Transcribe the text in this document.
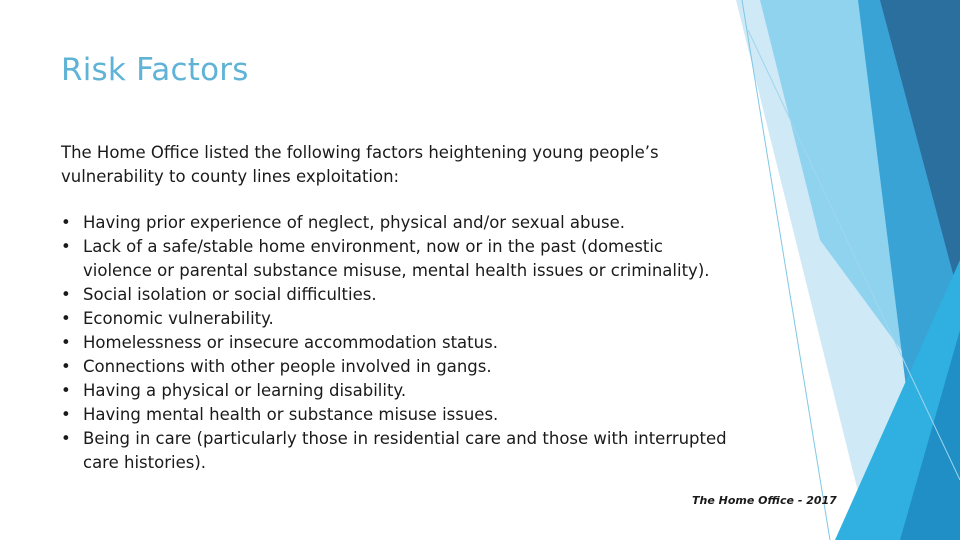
Risk Factors

The Home Office listed the following factors heightening young people’s vulnerability to county lines exploitation:

• Having prior experience of neglect, physical and/or sexual abuse.
• Lack of a safe/stable home environment, now or in the past (domestic violence or parental substance misuse, mental health issues or criminality).
• Social isolation or social difficulties.
• Economic vulnerability.
• Homelessness or insecure accommodation status.
• Connections with other people involved in gangs.
• Having a physical or learning disability.
• Having mental health or substance misuse issues.
• Being in care (particularly those in residential care and those with interrupted care histories).
The Home Office - 2017
